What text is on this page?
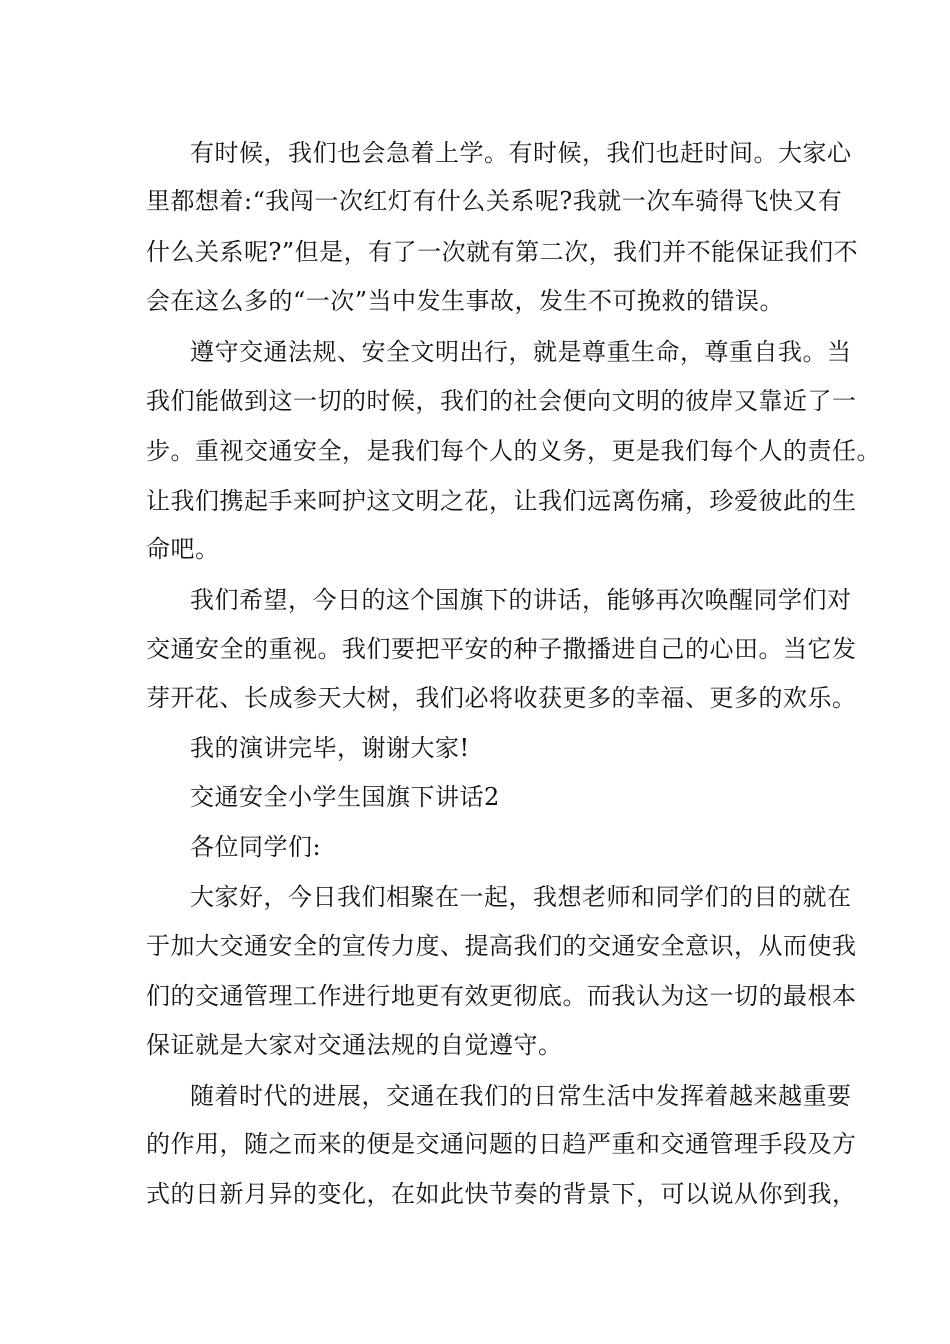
有时候，我们也会急着上学。有时候，我们也赶时间。大家心
里都想着:“我闯一次红灯有什么关系呢?我就一次车骑得飞快又有
什么关系呢?”但是，有了一次就有第二次，我们并不能保证我们不
会在这么多的“一次”当中发生事故，发生不可挽救的错误。
遵守交通法规、安全文明出行，就是尊重生命，尊重自我。当
我们能做到这一切的时候，我们的社会便向文明的彼岸又靠近了一
步。重视交通安全，是我们每个人的义务，更是我们每个人的责任。
让我们携起手来呵护这文明之花，让我们远离伤痛，珍爱彼此的生
命吧。
我们希望，今日的这个国旗下的讲话，能够再次唤醒同学们对
交通安全的重视。我们要把平安的种子撒播进自己的心田。当它发
芽开花、长成参天大树，我们必将收获更多的幸福、更多的欢乐。
我的演讲完毕，谢谢大家!
交通安全小学生国旗下讲话2
各位同学们:
大家好，今日我们相聚在一起，我想老师和同学们的目的就在
于加大交通安全的宣传力度、提高我们的交通安全意识，从而使我
们的交通管理工作进行地更有效更彻底。而我认为这一切的最根本
保证就是大家对交通法规的自觉遵守。
随着时代的进展，交通在我们的日常生活中发挥着越来越重要
的作用，随之而来的便是交通问题的日趋严重和交通管理手段及方
式的日新月异的变化，在如此快节奏的背景下，可以说从你到我，
